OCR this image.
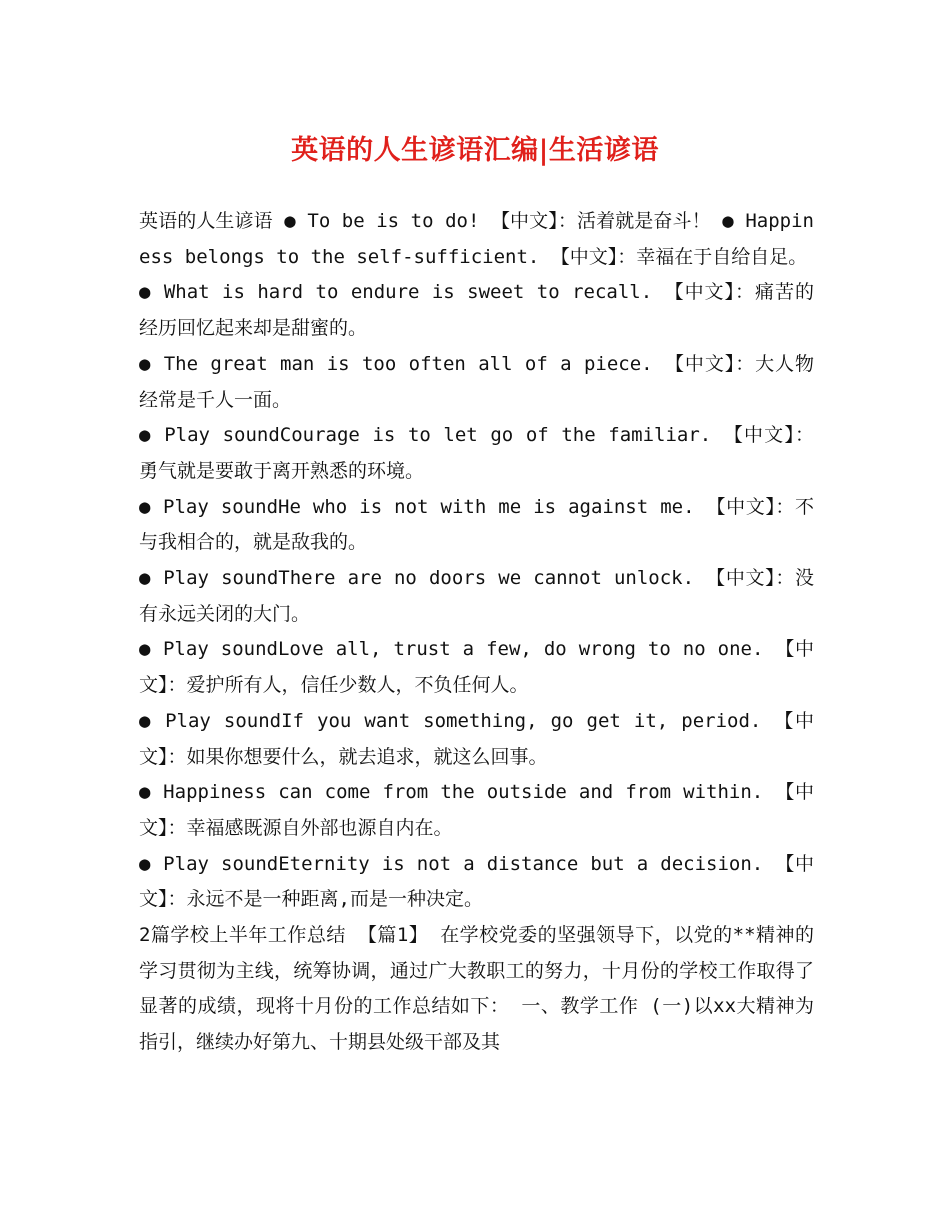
英语的人生谚语汇编|生活谚语

英语的人生谚语 ● To be is to do! 【中文】：活着就是奋斗！ ● Happiness belongs to the self-sufficient. 【中文】：幸福在于自给自足。

● What is hard to endure is sweet to recall. 【中文】：痛苦的经历回忆起来却是甜蜜的。

● The great man is too often all of a piece. 【中文】：大人物经常是千人一面。

● Play soundCourage is to let go of the familiar. 【中文】：勇气就是要敢于离开熟悉的环境。

● Play soundHe who is not with me is against me. 【中文】：不与我相合的，就是敌我的。

● Play soundThere are no doors we cannot unlock. 【中文】：没有永远关闭的大门。

● Play soundLove all, trust a few, do wrong to no one. 【中文】：爱护所有人，信任少数人，不负任何人。

● Play soundIf you want something, go get it, period. 【中文】：如果你想要什么，就去追求，就这么回事。

● Happiness can come from the outside and from within. 【中文】：幸福感既源自外部也源自内在。

● Play soundEternity is not a distance but a decision. 【中文】：永远不是一种距离,而是一种决定。

2篇学校上半年工作总结 【篇1】 在学校党委的坚强领导下，以党的**精神的学习贯彻为主线，统筹协调，通过广大教职工的努力，十月份的学校工作取得了显著的成绩，现将十月份的工作总结如下： 一、教学工作 (一)以xx大精神为指引，继续办好第九、十期县处级干部及其
